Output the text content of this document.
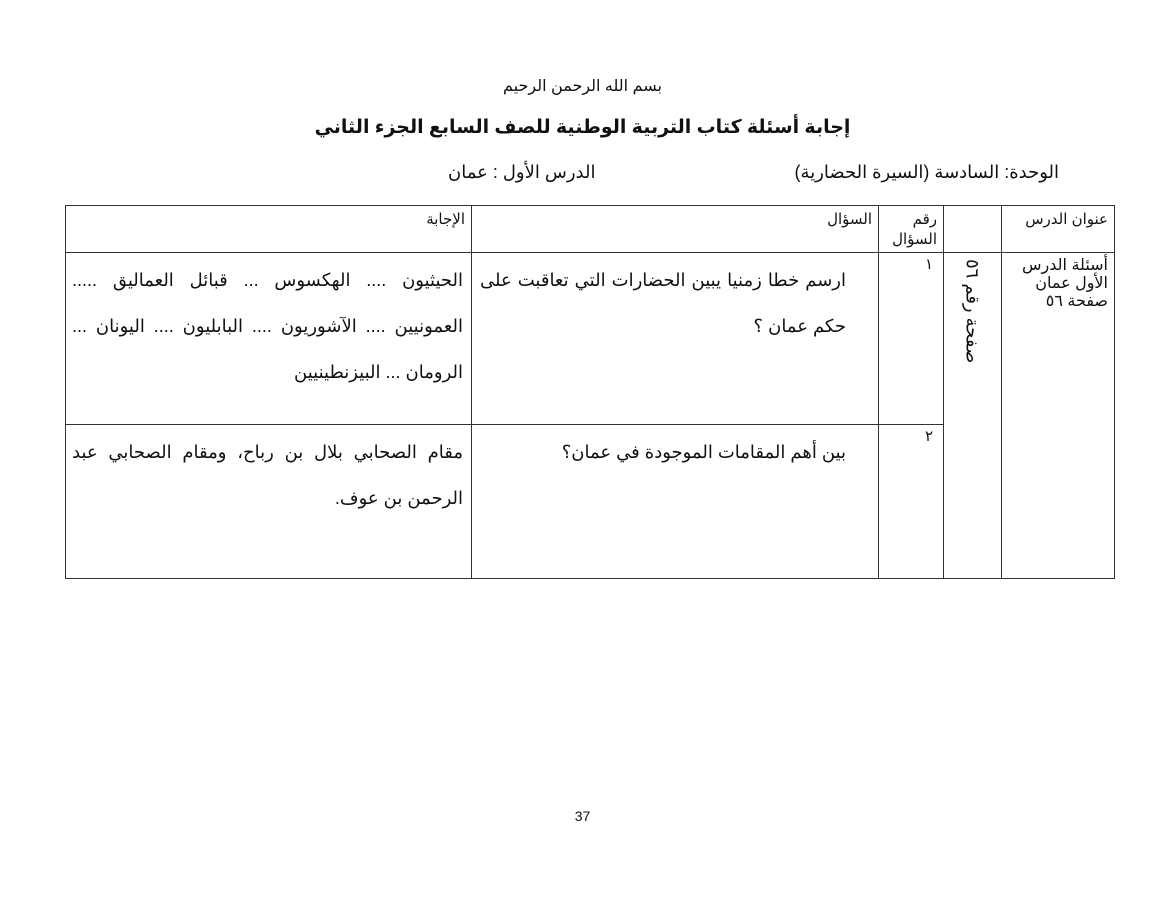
بسم الله الرحمن الرحيم
إجابة أسئلة كتاب التربية الوطنية للصف السابع الجزء الثاني
الوحدة: السادسة (السيرة الحضارية)
الدرس الأول : عمان
عنوان الدرس		رقم السؤال	السؤال	الإجابة
أسئلة الدرس الأول عمان صفحة ٥٦	صفحة رقم ٥٦	١	ارسم خطا زمنيا يبين الحضارات التي تعاقبت على حكم عمان ؟	الحيثيون .... الهكسوس ... قبائل العماليق ..... العمونيين .... الآشوريون .... البابليون .... اليونان ... الرومان ... البيزنطينيين
		٢	بين أهم المقامات الموجودة في عمان؟	مقام الصحابي بلال بن رباح، ومقام الصحابي عبد الرحمن بن عوف.
37
